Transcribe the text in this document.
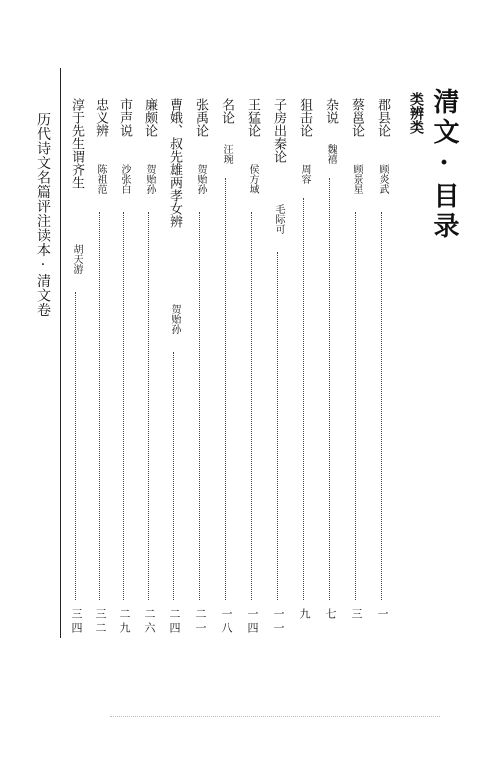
历代诗文名篇评注读本·清文卷	清文·目录
类辨类
郡县论
顾炎武
一
蔡邕论
顾景星
三
杂说
魏禧
七
狙击论
周容
九
子房出秦论
毛际可
一一
王猛论
侯方域
一四
名论
汪琬
一八
张禹论
贺贻孙
二一
曹娥、叔先雄两孝女辨
贺贻孙
二四
廉颇论
贺贻孙
二六
市声说
沙张白
二九
忠义辨
陈祖范
三二
淳于先生谓齐生
胡天游
三四
